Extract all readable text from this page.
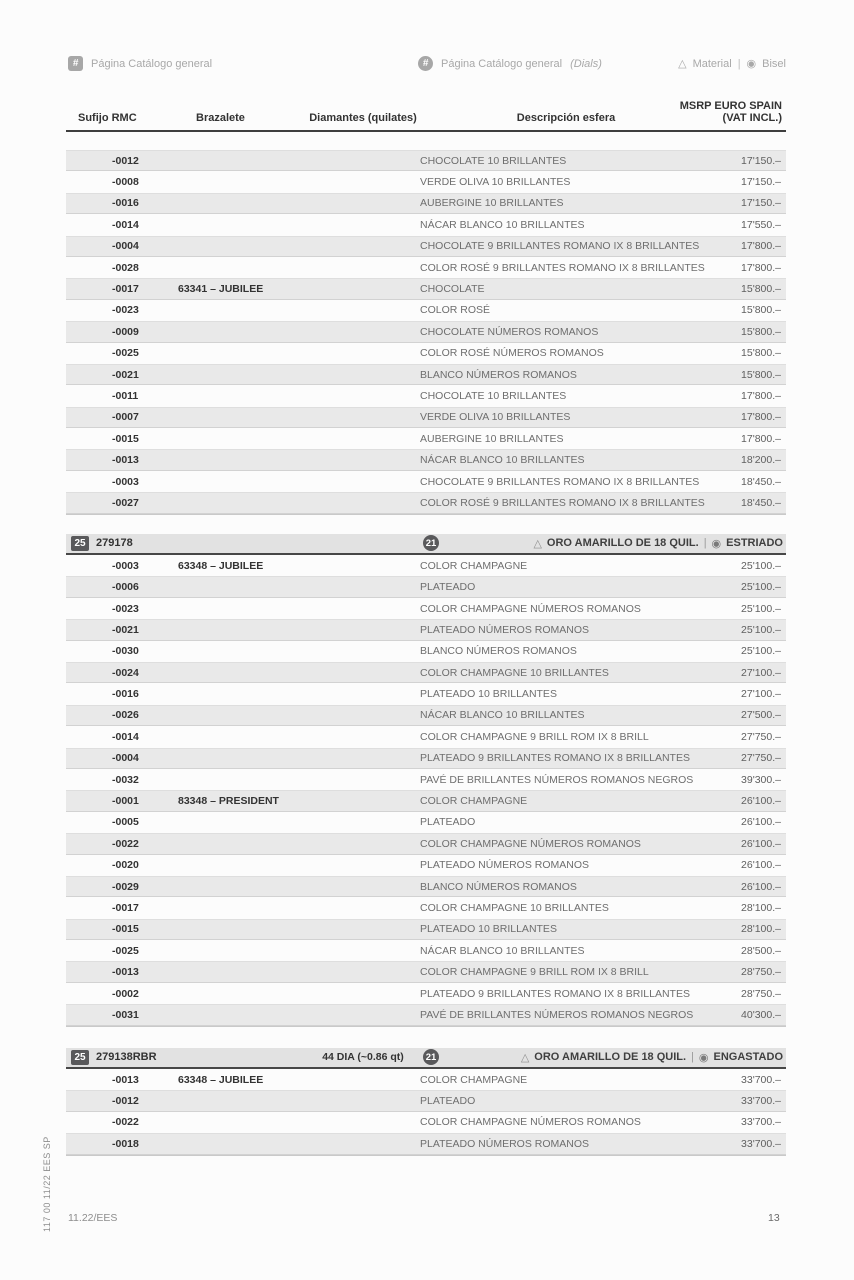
#	Página Catálogo general	#	Página Catálogo general (Dials)	△ Material | ◉ Bisel
Sufijo RMC	Brazalete	Diamantes (quilates)	Descripción esfera
MSRP EURO SPAIN
(VAT INCL.)
-0012	CHOCOLATE 10 BRILLANTES	17'150.–
-0008	VERDE OLIVA 10 BRILLANTES	17'150.–
-0016	AUBERGINE 10 BRILLANTES	17'150.–
-0014	NÁCAR BLANCO 10 BRILLANTES	17'550.–
-0004	CHOCOLATE 9 BRILLANTES ROMANO IX 8 BRILLANTES	17'800.–
-0028	COLOR ROSÉ 9 BRILLANTES ROMANO IX 8 BRILLANTES	17'800.–
-0017	63341 – JUBILEE	CHOCOLATE	15'800.–
-0023	COLOR ROSÉ	15'800.–
-0009	CHOCOLATE NÚMEROS ROMANOS	15'800.–
-0025	COLOR ROSÉ NÚMEROS ROMANOS	15'800.–
-0021	BLANCO NÚMEROS ROMANOS	15'800.–
-0011	CHOCOLATE 10 BRILLANTES	17'800.–
-0007	VERDE OLIVA 10 BRILLANTES	17'800.–
-0015	AUBERGINE 10 BRILLANTES	17'800.–
-0013	NÁCAR BLANCO 10 BRILLANTES	18'200.–
-0003	CHOCOLATE 9 BRILLANTES ROMANO IX 8 BRILLANTES	18'450.–
-0027	COLOR ROSÉ 9 BRILLANTES ROMANO IX 8 BRILLANTES	18'450.–
25 279178	21	△ ORO AMARILLO DE 18 QUIL. | ◉ ESTRIADO
-0003	63348 – JUBILEE	COLOR CHAMPAGNE	25'100.–
-0006	PLATEADO	25'100.–
-0023	COLOR CHAMPAGNE NÚMEROS ROMANOS	25'100.–
-0021	PLATEADO NÚMEROS ROMANOS	25'100.–
-0030	BLANCO NÚMEROS ROMANOS	25'100.–
-0024	COLOR CHAMPAGNE 10 BRILLANTES	27'100.–
-0016	PLATEADO 10 BRILLANTES	27'100.–
-0026	NÁCAR BLANCO 10 BRILLANTES	27'500.–
-0014	COLOR CHAMPAGNE 9 BRILL ROM IX 8 BRILL	27'750.–
-0004	PLATEADO 9 BRILLANTES ROMANO IX 8 BRILLANTES	27'750.–
-0032	PAVÉ DE BRILLANTES NÚMEROS ROMANOS NEGROS	39'300.–
-0001	83348 – PRESIDENT	COLOR CHAMPAGNE	26'100.–
-0005	PLATEADO	26'100.–
-0022	COLOR CHAMPAGNE NÚMEROS ROMANOS	26'100.–
-0020	PLATEADO NÚMEROS ROMANOS	26'100.–
-0029	BLANCO NÚMEROS ROMANOS	26'100.–
-0017	COLOR CHAMPAGNE 10 BRILLANTES	28'100.–
-0015	PLATEADO 10 BRILLANTES	28'100.–
-0025	NÁCAR BLANCO 10 BRILLANTES	28'500.–
-0013	COLOR CHAMPAGNE 9 BRILL ROM IX 8 BRILL	28'750.–
-0002	PLATEADO 9 BRILLANTES ROMANO IX 8 BRILLANTES	28'750.–
-0031	PAVÉ DE BRILLANTES NÚMEROS ROMANOS NEGROS	40'300.–
25 279138RBR	44 DIA (~0.86 qt)	21	△ ORO AMARILLO DE 18 QUIL. | ◉ ENGASTADO
-0013	63348 – JUBILEE	COLOR CHAMPAGNE	33'700.–
-0012	PLATEADO	33'700.–
-0022	COLOR CHAMPAGNE NÚMEROS ROMANOS	33'700.–
-0018	PLATEADO NÚMEROS ROMANOS	33'700.–
11.22/EES	13
117 00 11/22 EES SP
